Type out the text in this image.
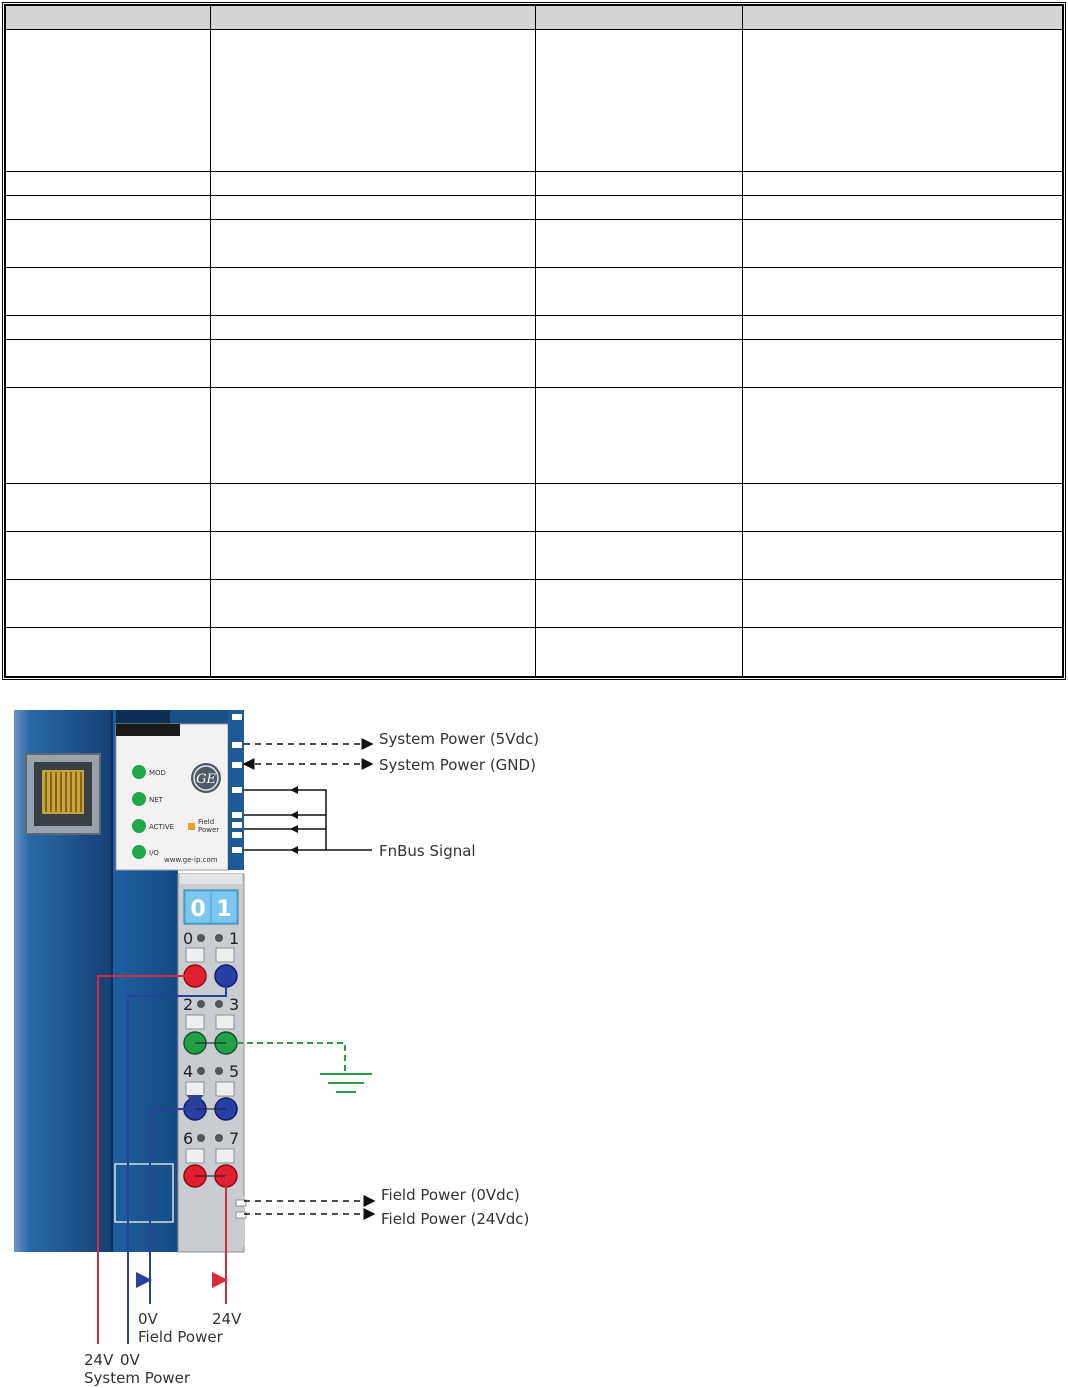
MOD
NET
ACTIVE
I/O
Field
Power
www.ge-ip.com
GE
0 1
0 1
2 3
4 5
6 7
System Power (5Vdc)
System Power (GND)
FnBus Signal
Field Power (0Vdc)
Field Power (24Vdc)
0V	24V
Field Power
24V 0V
System Power
